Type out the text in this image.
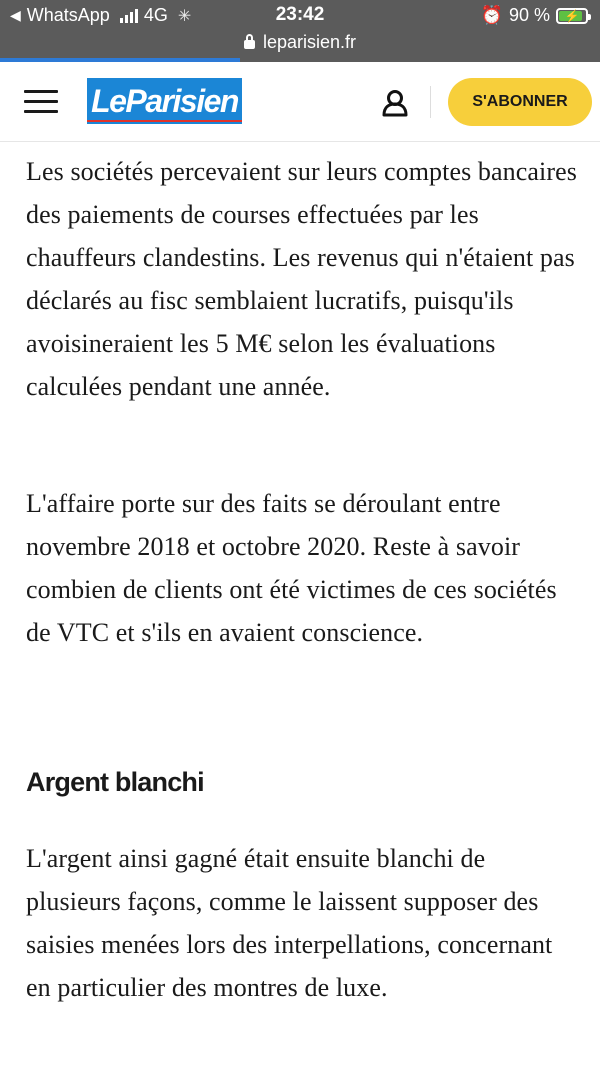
◀ WhatsApp 4G ✳	23:42	⏰ 90 % ⚡
leparisien.fr
LeParisien	S'ABONNER

Les sociétés percevaient sur leurs comptes bancaires des paiements de courses effectuées par les chauffeurs clandestins. Les revenus qui n'étaient pas déclarés au fisc semblaient lucratifs, puisqu'ils avoisineraient les 5 M€ selon les évaluations calculées pendant une année.

L'affaire porte sur des faits se déroulant entre novembre 2018 et octobre 2020. Reste à savoir combien de clients ont été victimes de ces sociétés de VTC et s'ils en avaient conscience.

Argent blanchi

L'argent ainsi gagné était ensuite blanchi de plusieurs façons, comme le laissent supposer des saisies menées lors des interpellations, concernant en particulier des montres de luxe.
